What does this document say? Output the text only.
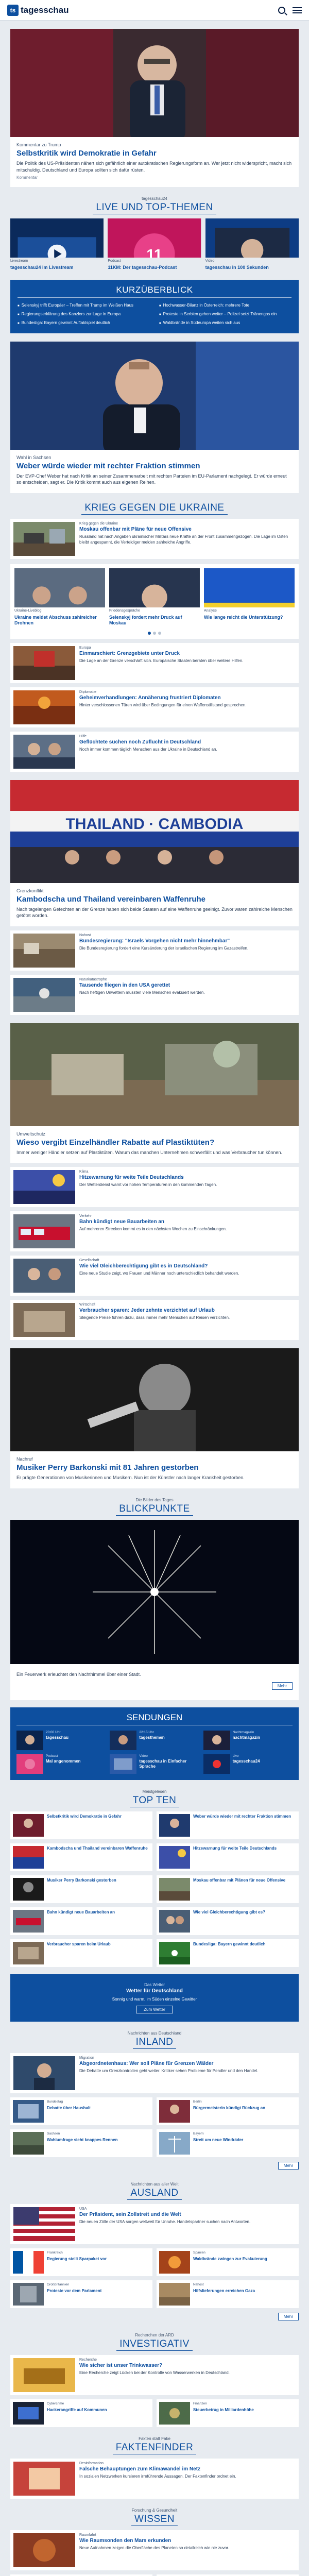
ts tagesschau
Kommentar zu Trump
Selbstkritik wird Demokratie in Gefahr
Die Politik des US-Präsidenten nähert sich gefährlich einer autokratischen Regierungsform an. Wer jetzt nicht widerspricht, macht sich mitschuldig. Deutschland und Europa sollten sich dafür rüsten.
Kommentar
tagesschau24
LIVE UND TOP-THEMEN
Livestream
tagesschau24 im Livestream
11
Podcast
11KM: Der tagesschau-Podcast
Video
tagesschau in 100 Sekunden
KURZÜBERBLICK
■ Selenskyj trifft Europäer – Treffen mit Trump im Weißen Haus	■ Hochwasser-Bilanz in Österreich: mehrere Tote
■ Regierungserklärung des Kanzlers zur Lage in Europa	■ Proteste in Serbien gehen weiter – Polizei setzt Tränengas ein
■ Bundesliga: Bayern gewinnt Auftaktspiel deutlich	■ Waldbrände in Südeuropa weiten sich aus
Wahl in Sachsen
Weber würde wieder mit rechter Fraktion stimmen
Der EVP-Chef Weber hat nach Kritik an seiner Zusammenarbeit mit rechten Parteien im EU-Parlament nachgelegt. Er würde erneut so entscheiden, sagt er. Die Kritik kommt auch aus eigenen Reihen.
KRIEG GEGEN DIE UKRAINE
Krieg gegen die Ukraine
Moskau offenbar mit Pläne für neue Offensive
Russland hat nach Angaben ukrainischer Militärs neue Kräfte an der Front zusammengezogen. Die Lage im Osten bleibt angespannt, die Verteidiger melden zahlreiche Angriffe.
Ukraine-Liveblog
Ukraine meldet Abschuss zahlreicher Drohnen
Friedensgespräche
Selenskyj fordert mehr Druck auf Moskau
Analyse
Wie lange reicht die Unterstützung?
Europa
Einmarschiert: Grenzgebiete unter Druck
Die Lage an der Grenze verschärft sich. Europäische Staaten beraten über weitere Hilfen.
Diplomatie
Geheimverhandlungen: Annäherung frustriert Diplomaten
Hinter verschlossenen Türen wird über Bedingungen für einen Waffenstillstand gesprochen.
Hilfe
Geflüchtete suchen noch Zuflucht in Deutschland
Noch immer kommen täglich Menschen aus der Ukraine in Deutschland an.
THAILAND · CAMBODIA
Grenzkonflikt
Kambodscha und Thailand vereinbaren Waffenruhe
Nach tagelangen Gefechten an der Grenze haben sich beide Staaten auf eine Waffenruhe geeinigt. Zuvor waren zahlreiche Menschen getötet worden.
Nahost
Bundesregierung: "Israels Vorgehen nicht mehr hinnehmbar"
Die Bundesregierung fordert eine Kursänderung der israelischen Regierung im Gazastreifen.
Naturkatastrophe
Tausende fliegen in den USA gerettet
Nach heftigen Unwettern mussten viele Menschen evakuiert werden.
Umweltschutz
Wieso vergibt Einzelhändler Rabatte auf Plastiktüten?
Immer weniger Händler setzen auf Plastiktüten. Warum das manchen Unternehmen schwerfällt und was Verbraucher tun können.
Klima
Hitzewarnung für weite Teile Deutschlands
Der Wetterdienst warnt vor hohen Temperaturen in den kommenden Tagen.
Verkehr
Bahn kündigt neue Bauarbeiten an
Auf mehreren Strecken kommt es in den nächsten Wochen zu Einschränkungen.
Gesellschaft
Wie viel Gleichberechtigung gibt es in Deutschland?
Eine neue Studie zeigt, wo Frauen und Männer noch unterschiedlich behandelt werden.
Wirtschaft
Verbraucher sparen: Jeder zehnte verzichtet auf Urlaub
Steigende Preise führen dazu, dass immer mehr Menschen auf Reisen verzichten.
Nachruf
Musiker Perry Barkonski mit 81 Jahren gestorben
Er prägte Generationen von Musikerinnen und Musikern. Nun ist der Künstler nach langer Krankheit gestorben.
Die Bilder des Tages
BLICKPUNKTE
Ein Feuerwerk erleuchtet den Nachthimmel über einer Stadt.
Mehr
SENDUNGEN
20:00 Uhr
tagesschau
22:15 Uhr
tagesthemen
Nachtmagazin
nachtmagazin
Podcast
Mal angenommen
Video
tagesschau in Einfacher Sprache
Live
tagesschau24
Meistgelesen
TOP TEN
Selbstkritik wird Demokratie in Gefahr	Weber würde wieder mit rechter Fraktion stimmen
Kambodscha und Thailand vereinbaren Waffenruhe	Hitzewarnung für weite Teile Deutschlands
Musiker Perry Barkonski gestorben	Moskau offenbar mit Plänen für neue Offensive
Bahn kündigt neue Bauarbeiten an	Wie viel Gleichberechtigung gibt es?
Verbraucher sparen beim Urlaub	Bundesliga: Bayern gewinnt deutlich
Das Wetter
Wetter für Deutschland
Sonnig und warm, im Süden einzelne Gewitter
Zum Wetter
Nachrichten aus Deutschland
INLAND
Migration
Abgeordnetenhaus: Wer soll Pläne für Grenzen Wälder
Die Debatte um Grenzkontrollen geht weiter. Kritiker sehen Probleme für Pendler und den Handel.
Bundestag
Debatte über Haushalt
Berlin
Bürgermeisterin kündigt Rückzug an
Sachsen
Wahlumfrage sieht knappes Rennen
Bayern
Streit um neue Windräder
Mehr
Nachrichten aus aller Welt
AUSLAND
USA
Der Präsident, sein Zollstreit und die Welt
Die neuen Zölle der USA sorgen weltweit für Unruhe. Handelspartner suchen nach Antworten.
Frankreich
Regierung stellt Sparpaket vor
Spanien
Waldbrände zwingen zur Evakuierung
Großbritannien
Proteste vor dem Parlament
Nahost
Hilfslieferungen erreichen Gaza
Mehr
Recherchen der ARD
INVESTIGATIV
Recherche
Wie sicher ist unser Trinkwasser?
Eine Recherche zeigt Lücken bei der Kontrolle von Wasserwerken in Deutschland.
Cybercrime
Hackerangriffe auf Kommunen
Finanzen
Steuerbetrug in Milliardenhöhe
Fakten statt Fake
FAKTENFINDER
Desinformation
Falsche Behauptungen zum Klimawandel im Netz
In sozialen Netzwerken kursieren irreführende Aussagen. Der Faktenfinder ordnet ein.
Forschung & Gesundheit
WISSEN
Raumfahrt
Wie Raumsonden den Mars erkunden
Neue Aufnahmen zeigen die Oberfläche des Planeten so detailreich wie nie zuvor.
